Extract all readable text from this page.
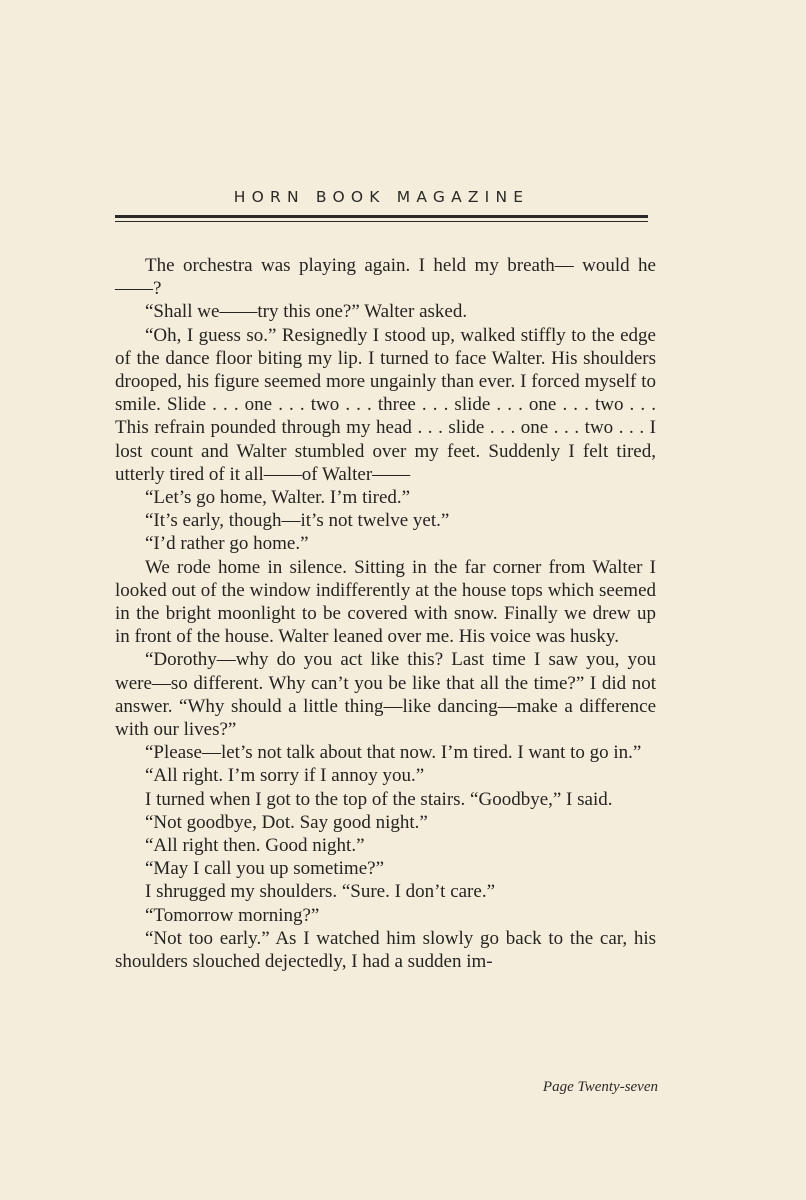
HORN BOOK MAGAZINE

The orchestra was playing again. I held my breath— would he——?

“Shall we——try this one?” Walter asked.

“Oh, I guess so.” Resignedly I stood up, walked stiffly to the edge of the dance floor biting my lip. I turned to face Walter. His shoulders drooped, his figure seemed more ungainly than ever. I forced myself to smile. Slide . . . one . . . two . . . three . . . slide . . . one . . . two . . . This refrain pounded through my head . . . slide . . . one . . . two . . . I lost count and Walter stumbled over my feet. Suddenly I felt tired, utterly tired of it all——of Walter——

“Let’s go home, Walter. I’m tired.”

“It’s early, though—it’s not twelve yet.”

“I’d rather go home.”

We rode home in silence. Sitting in the far corner from Walter I looked out of the window indifferently at the house tops which seemed in the bright moonlight to be covered with snow. Finally we drew up in front of the house. Walter leaned over me. His voice was husky.

“Dorothy—why do you act like this? Last time I saw you, you were—so different. Why can’t you be like that all the time?” I did not answer. “Why should a little thing—like dancing—make a difference with our lives?”

“Please—let’s not talk about that now. I’m tired. I want to go in.”

“All right. I’m sorry if I annoy you.”

I turned when I got to the top of the stairs. “Goodbye,” I said.

“Not goodbye, Dot. Say good night.”

“All right then. Good night.”

“May I call you up sometime?”

I shrugged my shoulders. “Sure. I don’t care.”

“Tomorrow morning?”

“Not too early.” As I watched him slowly go back to the car, his shoulders slouched dejectedly, I had a sudden im-

Page Twenty-seven
